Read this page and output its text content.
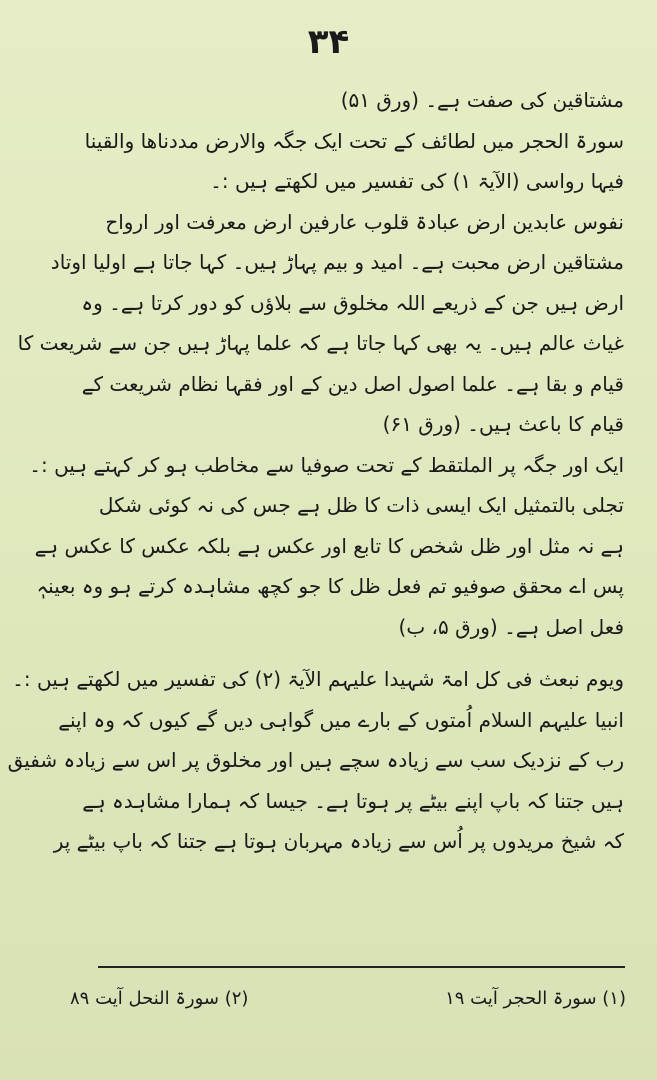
۳۴
مشتاقین کی صفت ہے۔ (ورق ۵۱)
سورۃ الحجر میں لطائف کے تحت ایک جگہ والارض مددناھا والقینا
فیہا رواسی (الآیۃ ۱) کی تفسیر میں لکھتے ہیں :۔
نفوس عابدین ارض عبادۃ قلوب عارفین ارض معرفت اور ارواح
مشتاقین ارض محبت ہے۔ امید و بیم پہاڑ ہیں۔ کہا جاتا ہے اولیا اوتاد
ارض ہیں جن کے ذریعے اللہ مخلوق سے بلاؤں کو دور کرتا ہے۔ وہ
غیاث عالم ہیں۔ یہ بھی کہا جاتا ہے کہ علما پہاڑ ہیں جن سے شریعت کا
قیام و بقا ہے۔ علما اصول اصل دین کے اور فقہا نظام شریعت کے
قیام کا باعث ہیں۔ (ورق ۶۱)
ایک اور جگہ پر الملتقط کے تحت صوفیا سے مخاطب ہو کر کہتے ہیں :۔
تجلی بالتمثیل ایک ایسی ذات کا ظل ہے جس کی نہ کوئی شکل
ہے نہ مثل اور ظل شخص کا تابع اور عکس ہے بلکہ عکس کا عکس ہے
پس اے محقق صوفیو تم فعل ظل کا جو کچھ مشاہدہ کرتے ہو وہ بعینہٖ
فعل اصل ہے۔ (ورق ۵، ب)
ویوم نبعث فی کل امۃ شہیدا علیہم الآیۃ (۲) کی تفسیر میں لکھتے ہیں :۔
انبیا علیہم السلام اُمتوں کے بارے میں گواہی دیں گے کیوں کہ وہ اپنے
رب کے نزدیک سب سے زیادہ سچے ہیں اور مخلوق پر اس سے زیادہ شفیق
ہیں جتنا کہ باپ اپنے بیٹے پر ہوتا ہے۔ جیسا کہ ہمارا مشاہدہ ہے
کہ شیخ مریدوں پر اُس سے زیادہ مہربان ہوتا ہے جتنا کہ باپ بیٹے پر
(۱) سورۃ الحجر آیت ۱۹
(۲) سورۃ النحل آیت ۸۹
